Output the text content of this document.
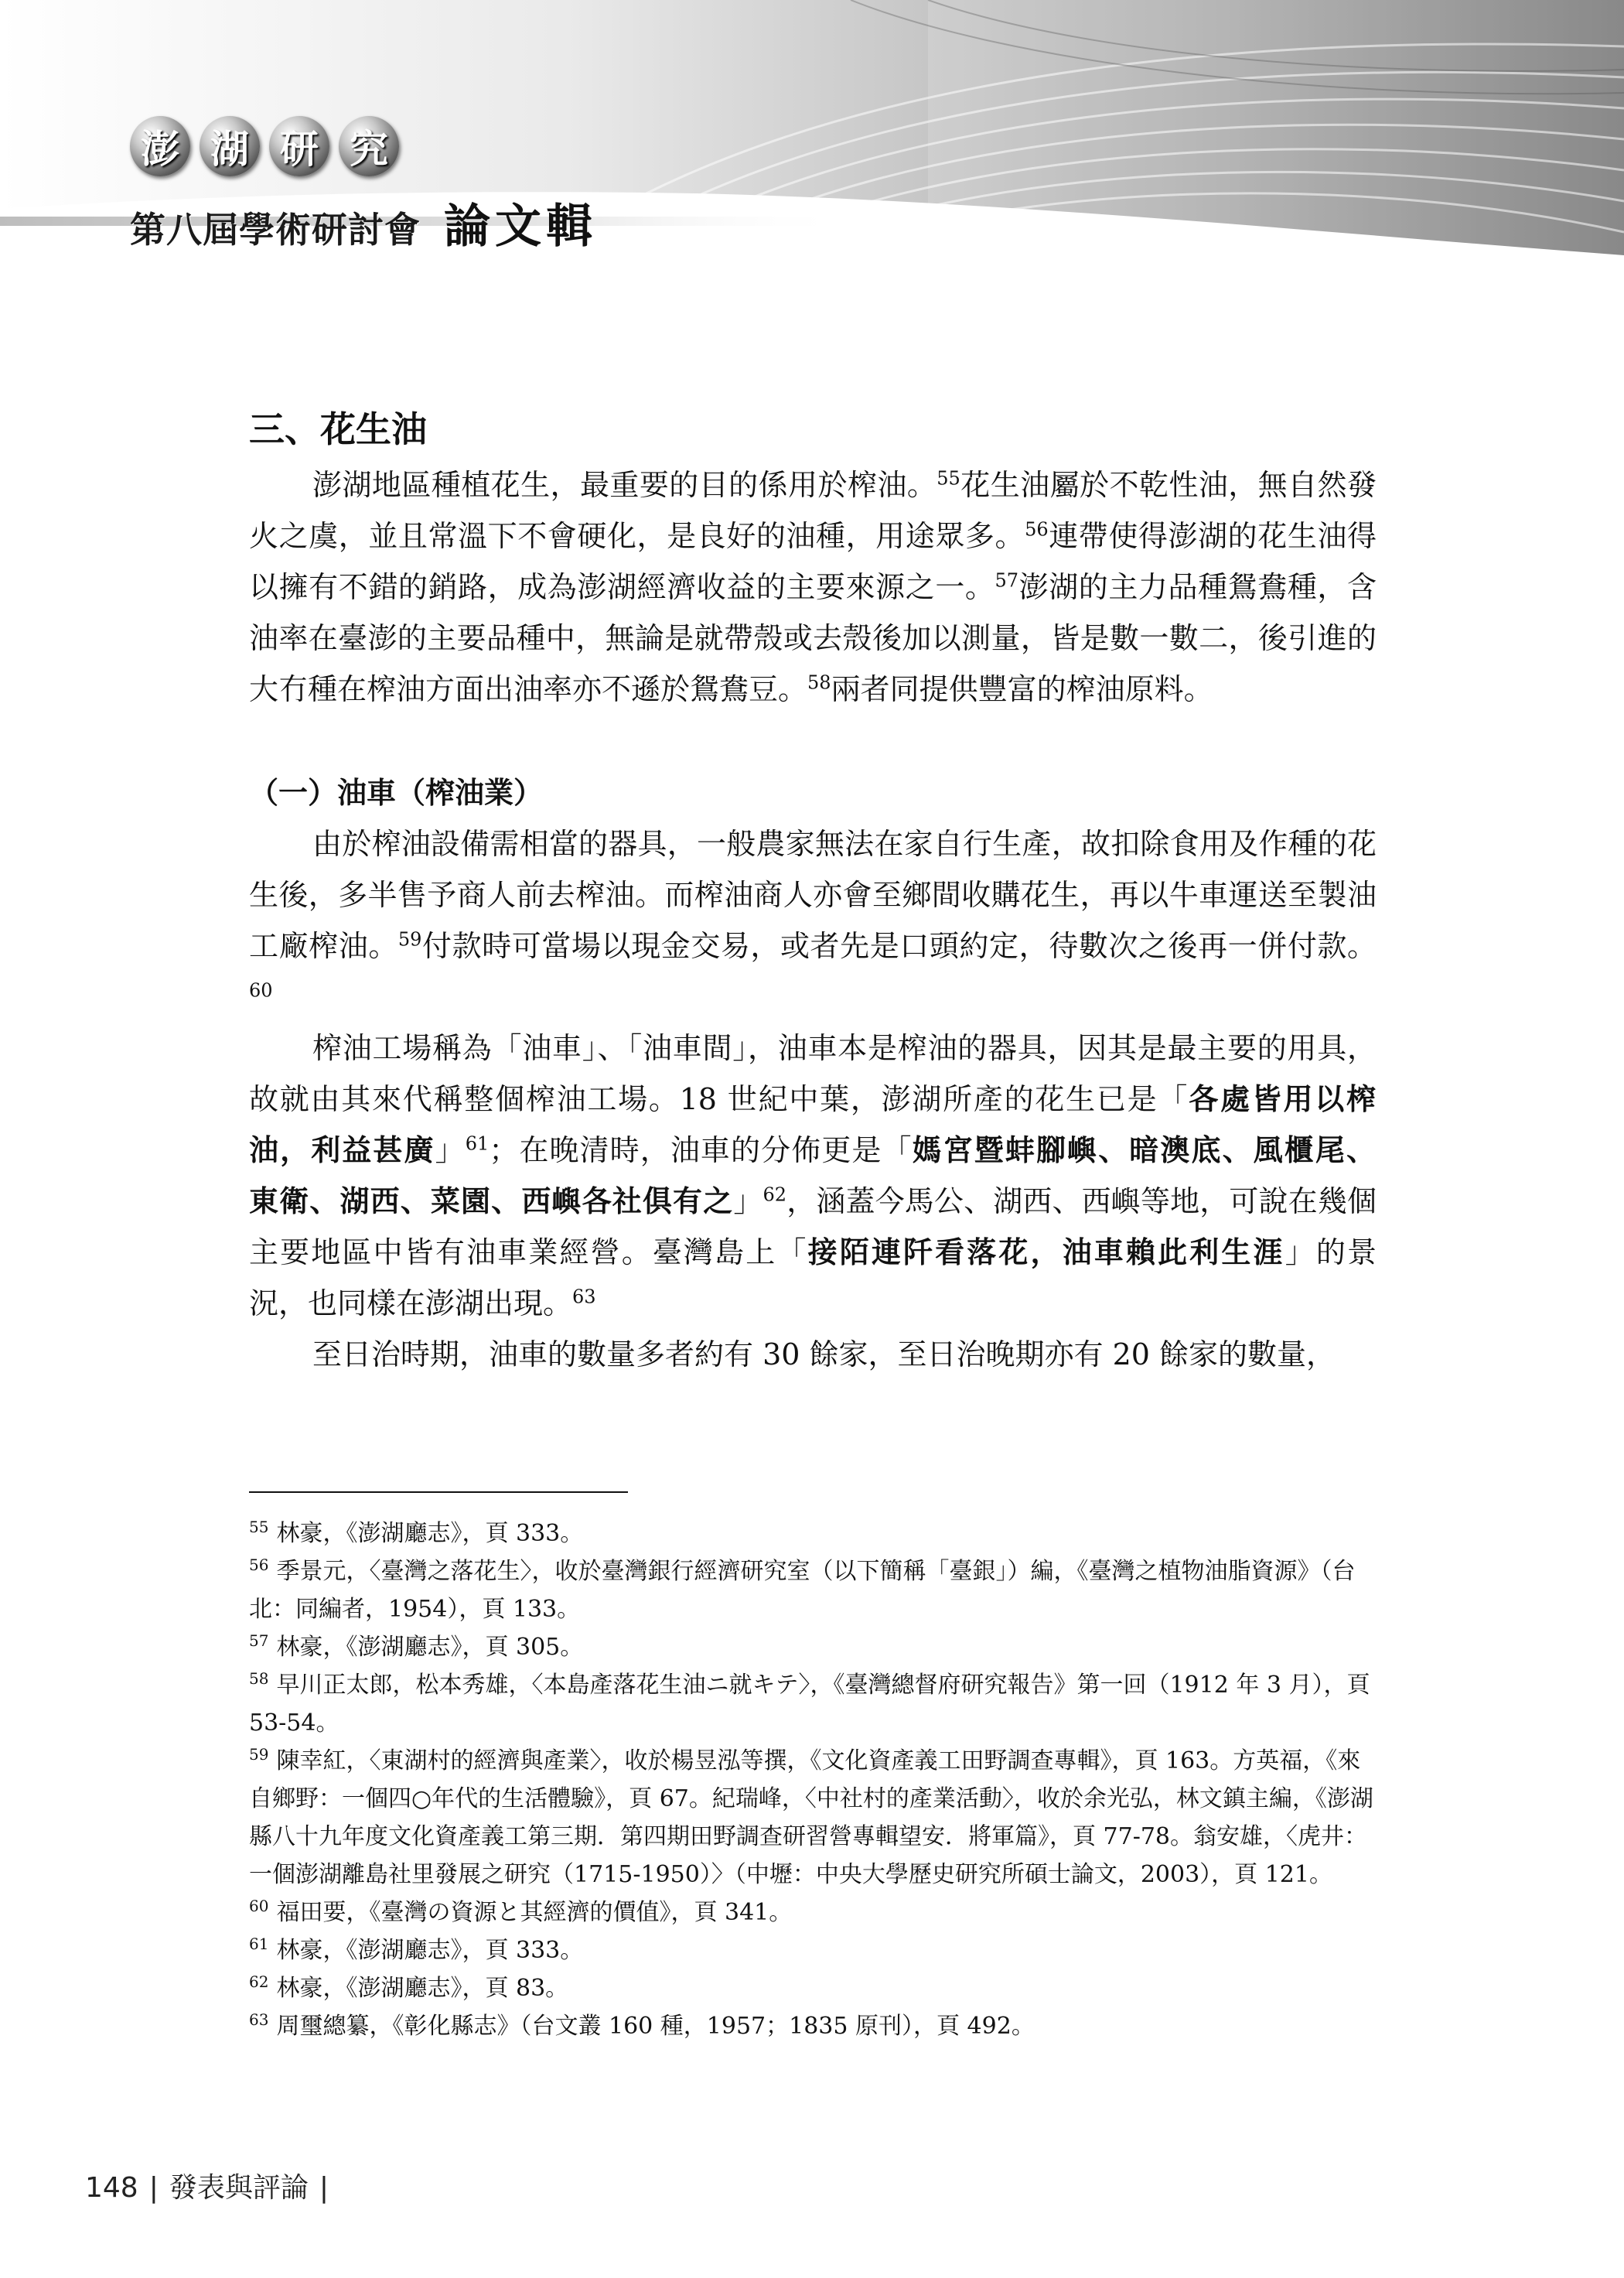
澎 湖 研 究
第八屆學術研討會 論文輯
三、花生油

澎湖地區種植花生，最重要的目的係用於榨油。$^{55}$花生油屬於不乾性油，無自然發火之虞，並且常溫下不會硬化，是良好的油種，用途眾多。$^{56}$連帶使得澎湖的花生油得以擁有不錯的銷路，成為澎湖經濟收益的主要來源之一。$^{57}$澎湖的主力品種鴛鴦種，含油率在臺澎的主要品種中，無論是就帶殼或去殼後加以測量，皆是數一數二，後引進的大冇種在榨油方面出油率亦不遜於鴛鴦豆。$^{58}$兩者同提供豐富的榨油原料。

（一）油車（榨油業）

由於榨油設備需相當的器具，一般農家無法在家自行生產，故扣除食用及作種的花生後，多半售予商人前去榨油。而榨油商人亦會至鄉間收購花生，再以牛車運送至製油工廠榨油。$^{59}$付款時可當場以現金交易，或者先是口頭約定，待數次之後再一併付款。$^{60}$

榨油工場稱為「油車」、「油車間」，油車本是榨油的器具，因其是最主要的用具，故就由其來代稱整個榨油工場。18 世紀中葉，澎湖所產的花生已是「各處皆用以榨油，利益甚廣」$^{61}$；在晚清時，油車的分佈更是「媽宮暨蚌腳嶼、暗澳底、風櫃尾、東衛、湖西、菜園、西嶼各社俱有之」$^{62}$，涵蓋今馬公、湖西、西嶼等地，可說在幾個主要地區中皆有油車業經營。臺灣島上「接陌連阡看落花，油車賴此利生涯」的景況，也同樣在澎湖出現。$^{63}$

至日治時期，油車的數量多者約有 30 餘家，至日治晚期亦有 20 餘家的數量，

$^{55}$ 林豪，《澎湖廳志》，頁 333。

$^{56}$ 季景元，〈臺灣之落花生〉，收於臺灣銀行經濟研究室（以下簡稱「臺銀」）編，《臺灣之植物油脂資源》（台北：同編者，1954），頁 133。

$^{57}$ 林豪，《澎湖廳志》，頁 305。

$^{58}$ 早川正太郎，松本秀雄，〈本島產落花生油ニ就キテ〉，《臺灣總督府研究報告》第一回（1912 年 3 月），頁 53-54。

$^{59}$ 陳幸紅，〈東湖村的經濟與產業〉，收於楊昱泓等撰，《文化資產義工田野調查專輯》，頁 163。方英福，《來自鄉野：一個四○年代的生活體驗》，頁 67。紀瑞峰，〈中社村的產業活動〉，收於余光弘，林文鎮主編，《澎湖縣八十九年度文化資產義工第三期．第四期田野調查研習營專輯望安．將軍篇》，頁 77-78。翁安雄，〈虎井：一個澎湖離島社里發展之研究（1715-1950）〉（中壢：中央大學歷史研究所碩士論文，2003），頁 121。

$^{60}$ 福田要，《臺灣の資源と其經濟的價值》，頁 341。

$^{61}$ 林豪，《澎湖廳志》，頁 333。

$^{62}$ 林豪，《澎湖廳志》，頁 83。

$^{63}$ 周璽總纂，《彰化縣志》（台文叢 160 種，1957；1835 原刊），頁 492。

148 | 發表與評論 |
